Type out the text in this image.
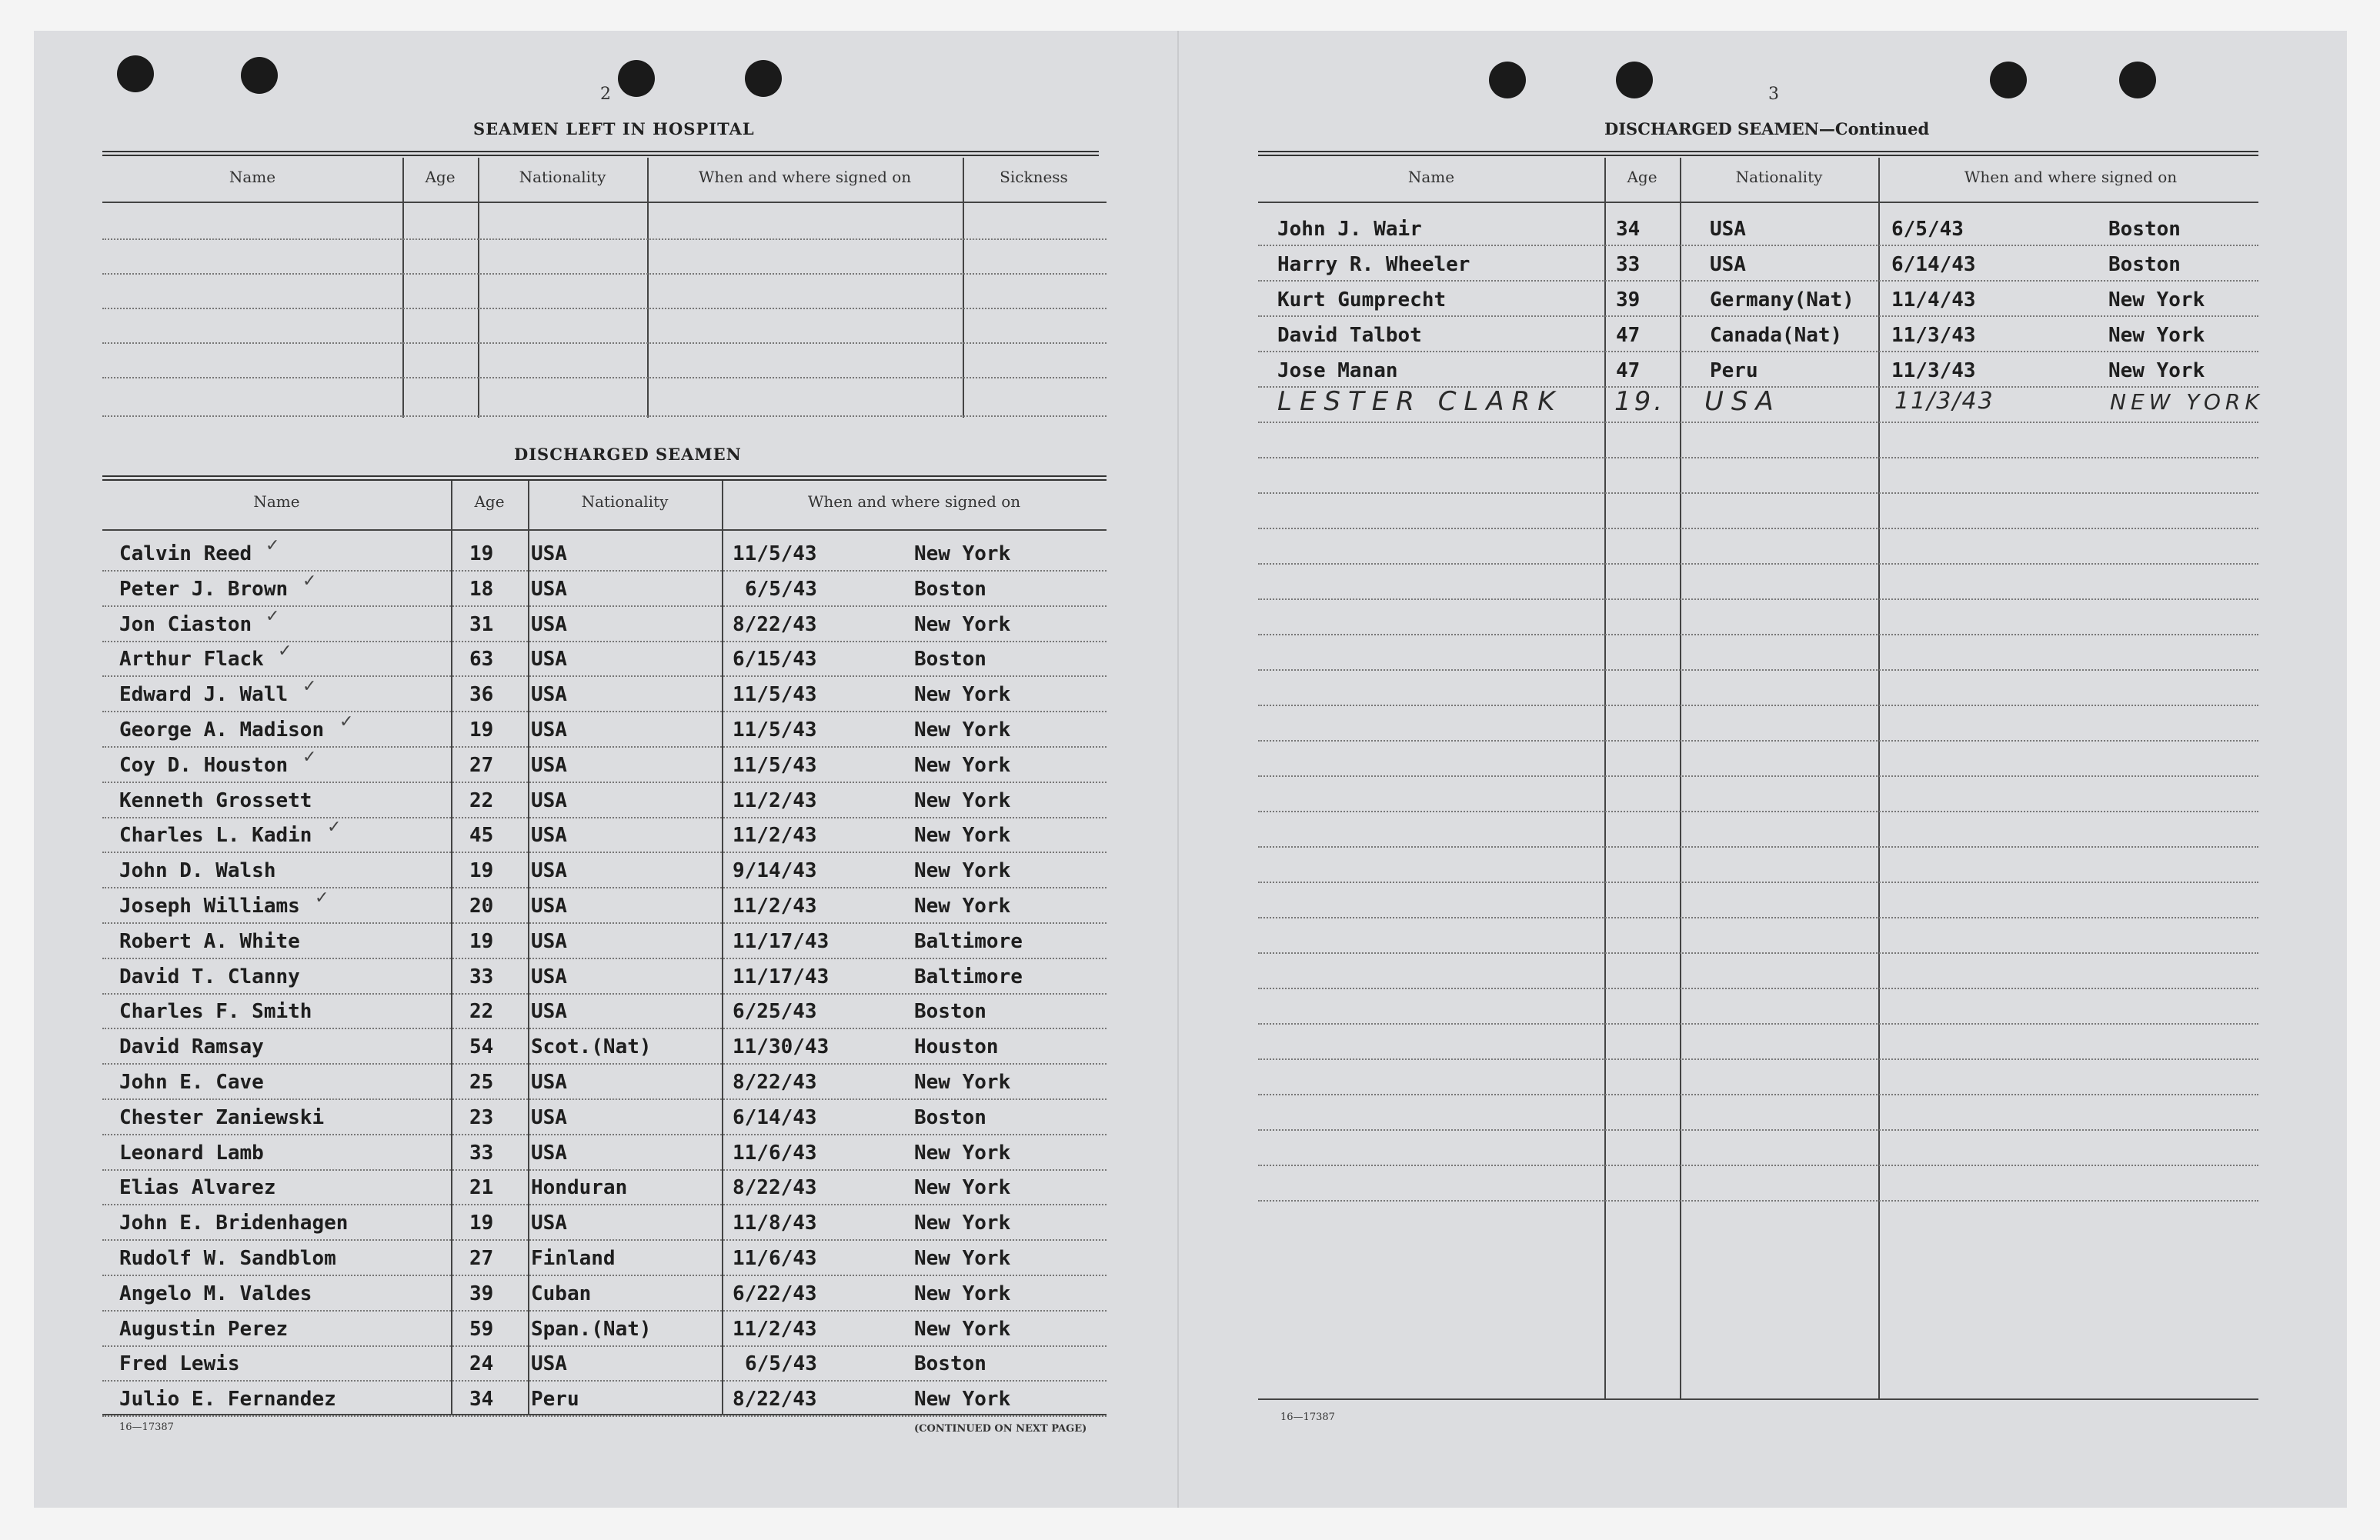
2
SEAMEN LEFT IN HOSPITAL
Name	Age	Nationality	When and where signed on	Sickness
DISCHARGED SEAMEN
Name	Age	Nationality	When and where signed on
Calvin Reed	19 USA	11/5/43	New York
✓
Peter J. Brown	18 USA	6/5/43	Boston
✓
Jon Ciaston	31 USA	8/22/43	New York
✓
Arthur Flack	63 USA	6/15/43	Boston
✓
Edward J. Wall	36 USA	11/5/43	New York
✓
George A. Madison	19 USA	11/5/43	New York
✓
Coy D. Houston	27 USA	11/5/43	New York
✓
Kenneth Grossett	22 USA	11/2/43	New York
Charles L. Kadin	45 USA	11/2/43	New York
✓
John D. Walsh	19 USA	9/14/43	New York
Joseph Williams	20 USA	11/2/43	New York
✓
Robert A. White	19 USA	11/17/43	Baltimore
David T. Clanny	33 USA	11/17/43	Baltimore
Charles F. Smith	22 USA	6/25/43	Boston
David Ramsay	54 Scot.(Nat)	11/30/43	Houston
John E. Cave	25 USA	8/22/43	New York
Chester Zaniewski	23 USA	6/14/43	Boston
Leonard Lamb	33 USA	11/6/43	New York
Elias Alvarez	21 Honduran	8/22/43	New York
John E. Bridenhagen	19 USA	11/8/43	New York
Rudolf W. Sandblom	27 Finland	11/6/43	New York
Angelo M. Valdes	39 Cuban	6/22/43	New York
Augustin Perez	59 Span.(Nat)	11/2/43	New York
Fred Lewis	24 USA	6/5/43	Boston
Julio E. Fernandez	34 Peru	8/22/43	New York
16—17387	(CONTINUED ON NEXT PAGE)
3
DISCHARGED SEAMEN—Continued
Name	Age	Nationality	When and where signed on
John J. Wair	34	USA	6/5/43	Boston
Harry R. Wheeler	33	USA	6/14/43	Boston
Kurt Gumprecht	39	Germany(Nat) 11/4/43	New York
David Talbot	47	Canada(Nat) 11/3/43	New York
Jose Manan	47	Peru	11/3/43	New York
LESTER CLARK 19. USA	11/3/43	NEW YORK
16—17387
